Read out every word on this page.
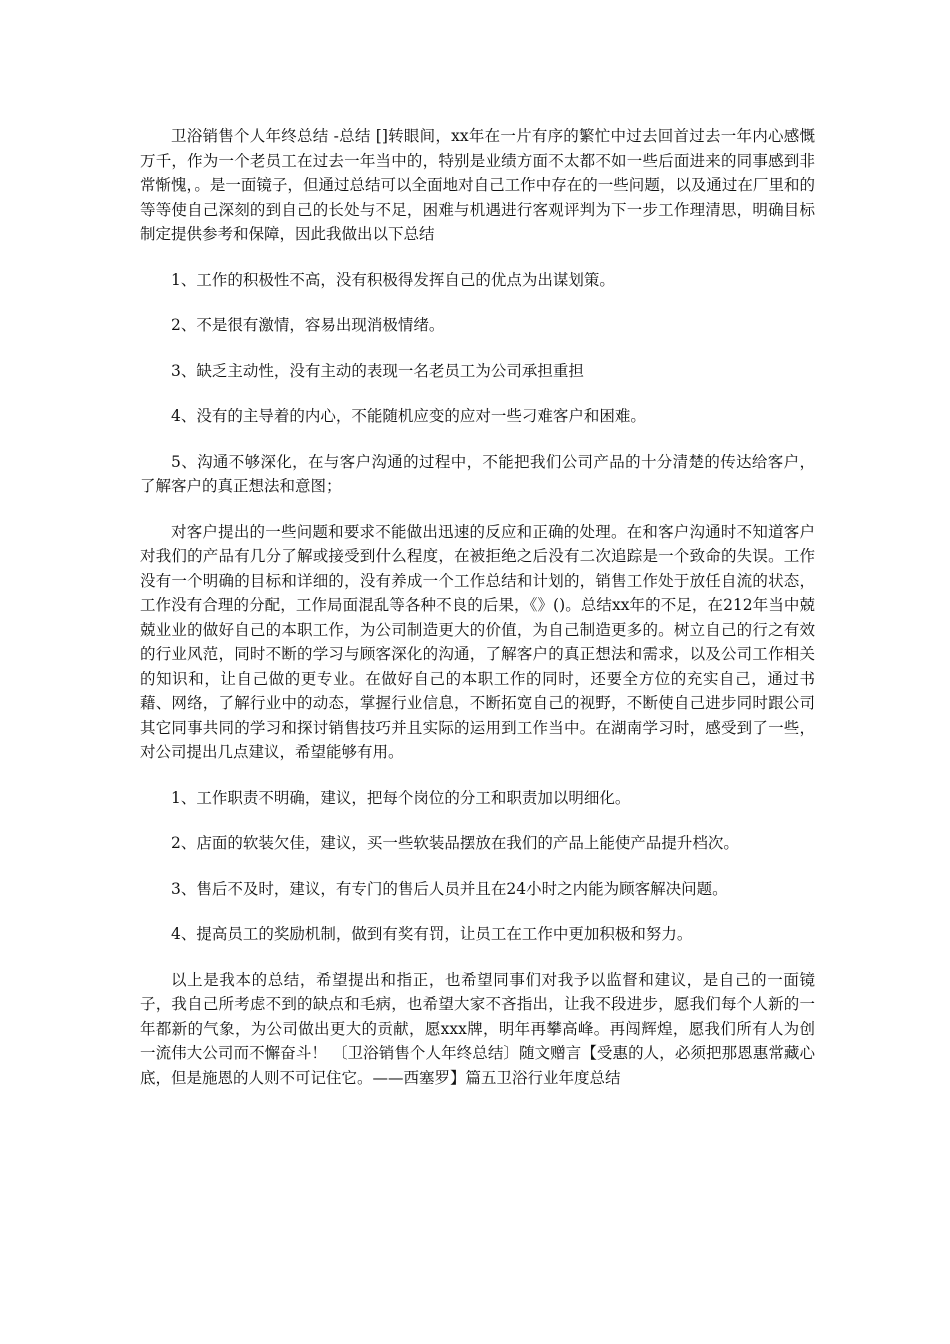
卫浴销售个人年终总结 -总结 []转眼间，xx年在一片有序的繁忙中过去回首过去一年内心感慨万千，作为一个老员工在过去一年当中的，特别是业绩方面不太都不如一些后面进来的同事感到非常惭愧，。是一面镜子，但通过总结可以全面地对自己工作中存在的一些问题，以及通过在厂里和的等等使自己深刻的到自己的长处与不足，困难与机遇进行客观评判为下一步工作理清思，明确目标制定提供参考和保障，因此我做出以下总结

1、工作的积极性不高，没有积极得发挥自己的优点为出谋划策。

2、不是很有激情，容易出现消极情绪。

3、缺乏主动性，没有主动的表现一名老员工为公司承担重担

4、没有的主导着的内心，不能随机应变的应对一些刁难客户和困难。

5、沟通不够深化，在与客户沟通的过程中，不能把我们公司产品的十分清楚的传达给客户，了解客户的真正想法和意图；

对客户提出的一些问题和要求不能做出迅速的反应和正确的处理。在和客户沟通时不知道客户对我们的产品有几分了解或接受到什么程度，在被拒绝之后没有二次追踪是一个致命的失误。工作没有一个明确的目标和详细的，没有养成一个工作总结和计划的，销售工作处于放任自流的状态，工作没有合理的分配，工作局面混乱等各种不良的后果，《》()。总结xx年的不足，在212年当中兢兢业业的做好自己的本职工作，为公司制造更大的价值，为自己制造更多的。树立自己的行之有效的行业风范，同时不断的学习与顾客深化的沟通，了解客户的真正想法和需求，以及公司工作相关的知识和，让自己做的更专业。在做好自己的本职工作的同时，还要全方位的充实自己，通过书藉、网络，了解行业中的动态，掌握行业信息，不断拓宽自己的视野，不断使自己进步同时跟公司其它同事共同的学习和探讨销售技巧并且实际的运用到工作当中。在湖南学习时，感受到了一些，对公司提出几点建议，希望能够有用。

1、工作职责不明确，建议，把每个岗位的分工和职责加以明细化。

2、店面的软装欠佳，建议，买一些软装品摆放在我们的产品上能使产品提升档次。

3、售后不及时，建议，有专门的售后人员并且在24小时之内能为顾客解决问题。

4、提高员工的奖励机制，做到有奖有罚，让员工在工作中更加积极和努力。

以上是我本的总结，希望提出和指正，也希望同事们对我予以监督和建议，是自己的一面镜子，我自己所考虑不到的缺点和毛病，也希望大家不吝指出，让我不段进步，愿我们每个人新的一年都新的气象，为公司做出更大的贡献，愿xxx牌，明年再攀高峰。再闯辉煌，愿我们所有人为创一流伟大公司而不懈奋斗！ 〔卫浴销售个人年终总结〕随文赠言【受惠的人，必须把那恩惠常藏心底，但是施恩的人则不可记住它。——西塞罗】篇五卫浴行业年度总结
